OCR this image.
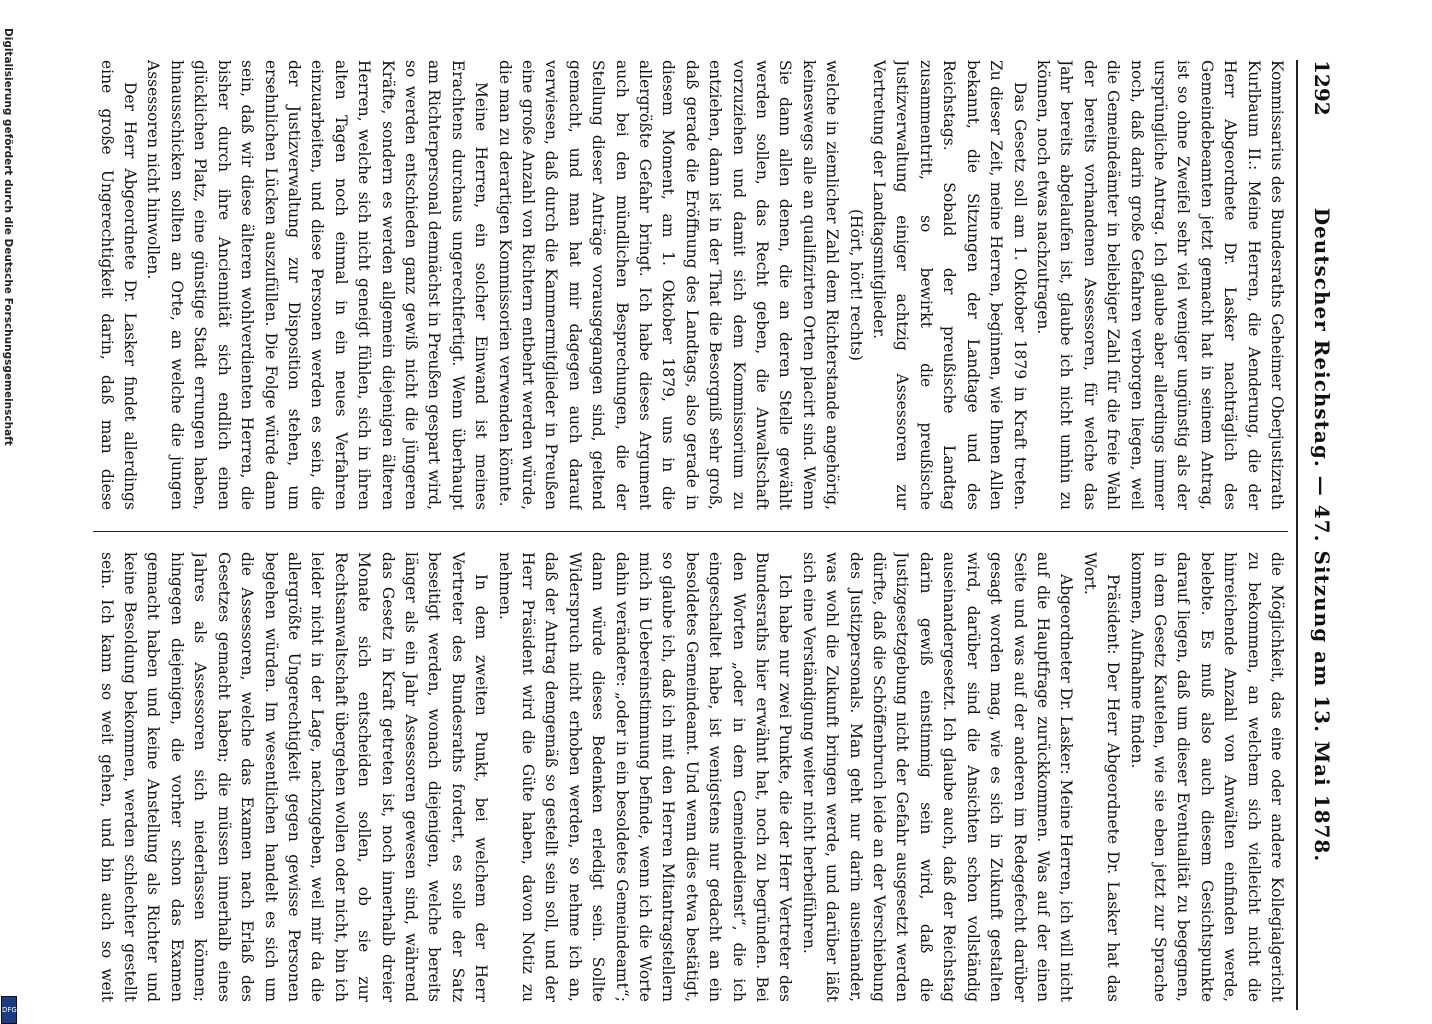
1292
Deutscher Reichstag. — 47. Sitzung am 13. Mai 1878.

Kommissarius des Bundesraths Geheimer Oberjustizrath Kurlbaum II.: Meine Herren, die Aenderung, die der Herr Abgeordnete Dr. Lasker nachträglich des Gemeindebeamten jetzt gemacht hat in seinem Antrag, ist so ohne Zweifel sehr viel weniger ungünstig als der ursprüngliche Antrag. Ich glaube aber allerdings immer noch, daß darin große Gefahren verborgen liegen, weil die Gemeindeämter in beliebiger Zahl für die freie Wahl der bereits vorhandenen Assessoren, für welche das Jahr bereits abgelaufen ist, glaube ich nicht umhin zu können, noch etwas nachzutragen.

Das Gesetz soll am 1. Oktober 1879 in Kraft treten. Zu dieser Zeit, meine Herren, beginnen, wie Ihnen Allen bekannt, die Sitzungen der Landtage und des Reichstags. Sobald der preußische Landtag zusammentritt, so bewirkt die preußische Justizverwaltung einiger achtzig Assessoren zur Vertretung der Landtagsmitglieder.

(Hört, hört! rechts)

welche in ziemlicher Zahl dem Richterstande angehörig, keineswegs alle an qualifizirten Orten placirt sind. Wenn Sie dann allen denen, die an deren Stelle gewählt werden sollen, das Recht geben, die Anwaltschaft vorzuziehen und damit sich dem Kommissorium zu entziehen, dann ist in der That die Besorgniß sehr groß, daß gerade die Eröffnung des Landtags, also gerade in diesem Moment, am 1. Oktober 1879, uns in die allergrößte Gefahr bringt. Ich habe dieses Argument auch bei den mündlichen Besprechungen, die der Stellung dieser Anträge vorausgegangen sind, geltend gemacht, und man hat mir dagegen auch darauf verwiesen, daß durch die Kammermitglieder in Preußen eine große Anzahl von Richtern entbehrt werden würde, die man zu derartigen Kommissorien verwenden könnte.

Meine Herren, ein solcher Einwand ist meines Erachtens durchaus ungerechtfertigt. Wenn überhaupt am Richterpersonal demnächst in Preußen gespart wird, so werden entschieden ganz gewiß nicht die jüngeren Kräfte, sondern es werden allgemein diejenigen älteren Herren, welche sich nicht geneigt fühlen, sich in ihren alten Tagen noch einmal in ein neues Verfahren einzuarbeiten, und diese Personen werden es sein, die der Justizverwaltung zur Disposition stehen, um ersehnlichen Lücken auszufüllen. Die Folge würde dann sein, daß wir diese älteren wohlverdienten Herren, die bisher durch ihre Anciennität sich endlich einen glücklichen Platz, eine günstige Stadt errungen haben, hinausschicken sollten an Orte, an welche die jungen Assessoren nicht hinwollen.

Der Herr Abgeordnete Dr. Lasker findet allerdings eine große Ungerechtigkeit darin, daß man diese

die Möglichkeit, das eine oder andere Kollegialgericht zu bekommen, an welchem sich vielleicht nicht die hinreichende Anzahl von Anwälten einfinden werde, belebte. Es muß also auch diesem Gesichtspunkte darauf liegen, daß um dieser Eventualität zu begegnen, in dem Gesetz Kautelen, wie sie eben jetzt zur Sprache kommen, Aufnahme finden.

Präsident: Der Herr Abgeordnete Dr. Lasker hat das Wort.

Abgeordneter Dr. Lasker: Meine Herren, ich will nicht auf die Hauptfrage zurückkommen. Was auf der einen Seite und was auf der anderen im Redegefecht darüber gesagt worden mag, wie es sich in Zukunft gestalten wird, darüber sind die Ansichten schon vollständig auseinandergesetzt. Ich glaube auch, daß der Reichstag darin gewiß einstimmig sein wird, daß die Justizgesetzgebung nicht der Gefahr ausgesetzt werden dürfte, daß die Schöffenbruch leide an der Verschiebung des Justizpersonals. Man geht nur darin auseinander, was wohl die Zukunft bringen werde, und darüber läßt sich eine Verständigung weiter nicht herbeiführen.

Ich habe nur zwei Punkte, die der Herr Vertreter des Bundesraths hier erwähnt hat, noch zu begründen. Bei den Worten „oder in dem Gemeindedienst“, die ich eingeschaltet habe, ist wenigstens nur gedacht an ein besoldetes Gemeindeamt. Und wenn dies etwa bestätigt, so glaube ich, daß ich mit den Herren Mitantragstellern mich in Uebereinstimmung befinde, wenn ich die Worte dahin verändere: „oder in ein besoldetes Gemeindeamt“; dann würde dieses Bedenken erledigt sein. Sollte Widerspruch nicht erhoben werden, so nehme ich an, daß der Antrag demgemäß so gestellt sein soll, und der Herr Präsident wird die Güte haben, davon Notiz zu nehmen.

In dem zweiten Punkt, bei welchem der Herr Vertreter des Bundesraths fordert, es solle der Satz beseitigt werden, wonach diejenigen, welche bereits länger als ein Jahr Assessoren gewesen sind, während das Gesetz in Kraft getreten ist, noch innerhalb dreier Monate sich entscheiden sollen, ob sie zur Rechtsanwaltschaft übergehen wollen oder nicht, bin ich leider nicht in der Lage, nachzugeben, weil mir da die allergrößte Ungerechtigkeit gegen gewisse Personen begehen würden. Im wesentlichen handelt es sich um die Assessoren, welche das Examen nach Erlaß des Gesetzes gemacht haben; die müssen innerhalb eines Jahres als Assessoren sich niederlassen können; hingegen diejenigen, die vorher schon das Examen gemacht haben und keine Anstellung als Richter und keine Besoldung bekommen, werden schlechter gestellt sein. Ich kann so weit gehen, und bin auch so weit

Digitalisierung gefördert durch die Deutsche Forschungsgemeinschaft
DFG
